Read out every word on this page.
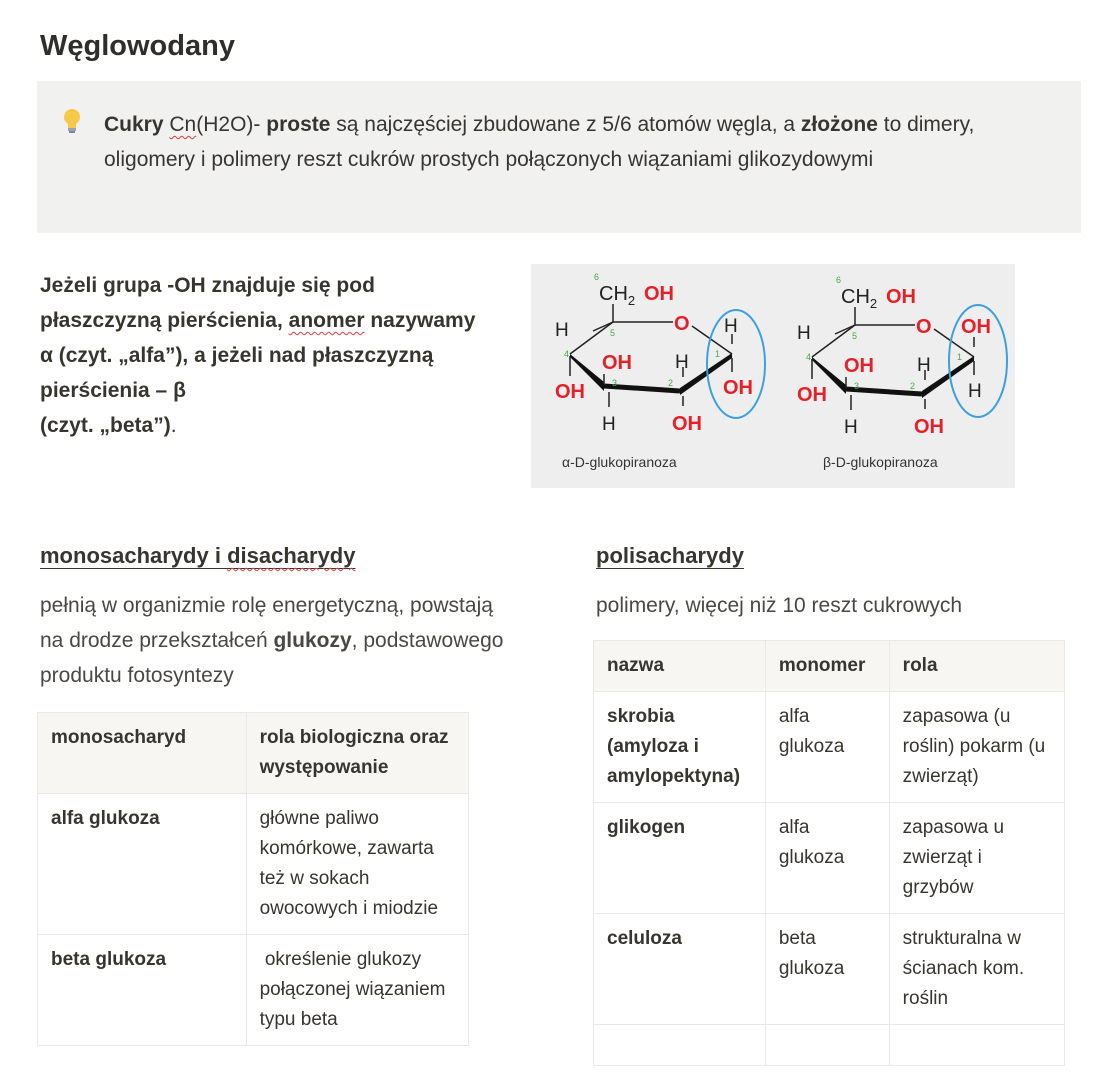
Węglowodany

Cukry Cn(H2O)- proste są najczęściej zbudowane z 5/6 atomów węgla, a złożone to dimery, oligomery i polimery reszt cukrów prostych połączonych wiązaniami glikozydowymi

Jeżeli grupa -OH znajduje się pod płaszczyzną pierścienia, anomer nazywamy α (czyt. „alfa”), a jeżeli nad płaszczyzną pierścienia – β
(czyt. „beta”).

6
$CH_2$ OH
O
H	5
OH
4 OH
H
3
H
OH
2
1
H
OH
α-D-glukopiranoza
6
$CH_2$ OH
O
H	5
OH
4 OH
H
3
H
OH
2
1
OH
H
β-D-glukopiranoza
monosacharydy i disacharydy

pełnią w organizmie rolę energetyczną, powstają na drodze przekształceń glukozy, podstawowego produktu fotosyntezy

monosacharyd	rola biologiczna oraz występowanie
alfa glukoza	główne paliwo komórkowe, zawarta też w sokach owocowych i miodzie
beta glukoza	określenie glukozy połączonej wiązaniem typu beta
polisacharydy

polimery, więcej niż 10 reszt cukrowych

nazwa	monomer	rola
skrobia (amyloza i amylopektyna)	alfa glukoza	zapasowa (u roślin) pokarm (u zwierząt)
glikogen	alfa glukoza	zapasowa u zwierząt i grzybów
celuloza	beta glukoza	strukturalna w ścianach kom. roślin
